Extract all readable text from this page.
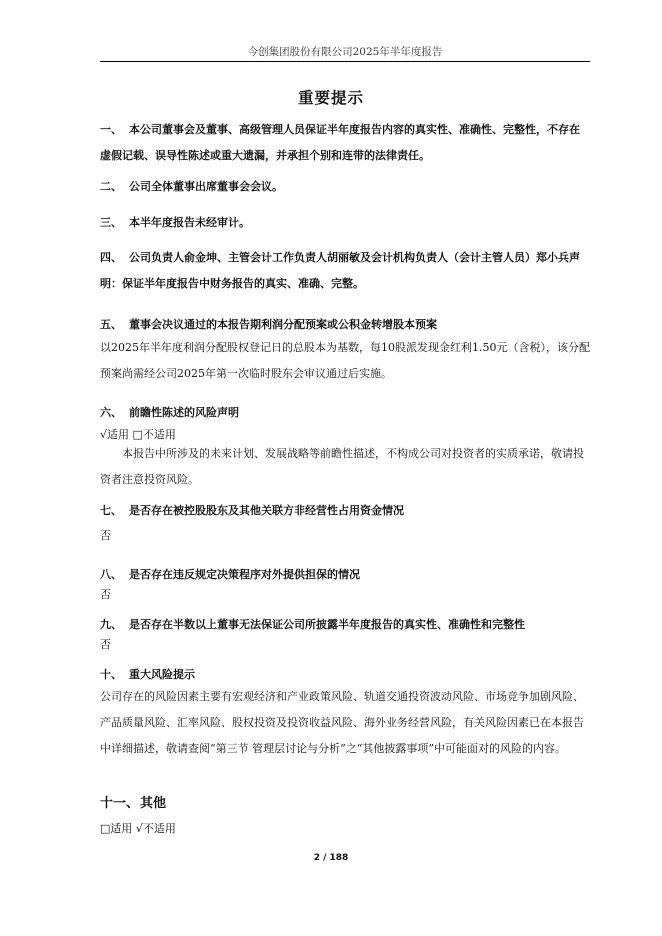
今创集团股份有限公司2025年半年度报告
重要提示
一、 本公司董事会及董事、高级管理人员保证半年度报告内容的真实性、准确性、完整性，不存在虚假记载、误导性陈述或重大遗漏，并承担个别和连带的法律责任。
二、 公司全体董事出席董事会会议。
三、 本半年度报告未经审计。
四、 公司负责人俞金坤、主管会计工作负责人胡丽敏及会计机构负责人（会计主管人员）郑小兵声明：保证半年度报告中财务报告的真实、准确、完整。
五、 董事会决议通过的本报告期利润分配预案或公积金转增股本预案
以2025年半年度利润分配股权登记日的总股本为基数，每10股派发现金红利1.50元（含税），该分配预案尚需经公司2025年第一次临时股东会审议通过后实施。
六、 前瞻性陈述的风险声明
√适用 □不适用
本报告中所涉及的未来计划、发展战略等前瞻性描述，不构成公司对投资者的实质承诺，敬请投资者注意投资风险。
七、 是否存在被控股股东及其他关联方非经营性占用资金情况
否
八、 是否存在违反规定决策程序对外提供担保的情况
否
九、 是否存在半数以上董事无法保证公司所披露半年度报告的真实性、准确性和完整性
否
十、 重大风险提示
公司存在的风险因素主要有宏观经济和产业政策风险、轨道交通投资波动风险、市场竞争加剧风险、产品质量风险、汇率风险、股权投资及投资收益风险、海外业务经营风险，有关风险因素已在本报告中详细描述，敬请查阅“第三节 管理层讨论与分析”之“其他披露事项”中可能面对的风险的内容。
十一、其他
□适用 √不适用
2 / 188
